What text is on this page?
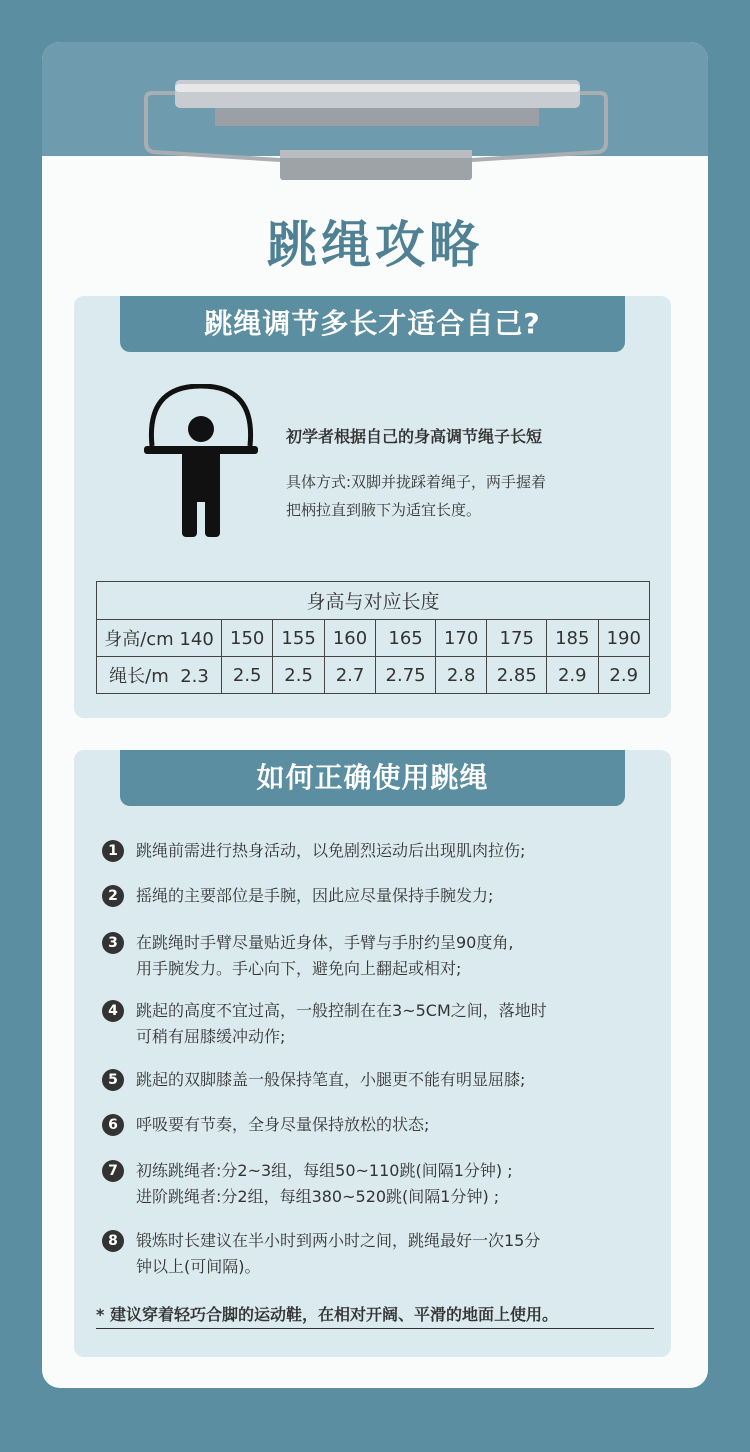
跳绳攻略
跳绳调节多长才适合自己?
初学者根据自己的身高调节绳子长短
具体方式:双脚并拢踩着绳子，两手握着
把柄拉直到腋下为适宜长度。
身高与对应长度								
身高/cm 140	150	155	160	165	170	175	185	190
绳长/m  2.3	2.5	2.5	2.7	2.75	2.8	2.85	2.9	2.9
如何正确使用跳绳
1	跳绳前需进行热身活动，以免剧烈运动后出现肌肉拉伤;
2	摇绳的主要部位是手腕，因此应尽量保持手腕发力;
3	在跳绳时手臂尽量贴近身体，手臂与手肘约呈90度角,
用手腕发力。手心向下，避免向上翻起或相对;
4	跳起的高度不宜过高，一般控制在在3~5CM之间，落地时
可稍有屈膝缓冲动作;
5	跳起的双脚膝盖一般保持笔直，小腿更不能有明显屈膝;
6	呼吸要有节奏，全身尽量保持放松的状态;
7	初练跳绳者:分2~3组，每组50~110跳(间隔1分钟) ;
进阶跳绳者:分2组，每组380~520跳(间隔1分钟) ;
8	锻炼时长建议在半小时到两小时之间，跳绳最好一次15分
钟以上(可间隔)。
* 建议穿着轻巧合脚的运动鞋，在相对开阔、平滑的地面上使用。
